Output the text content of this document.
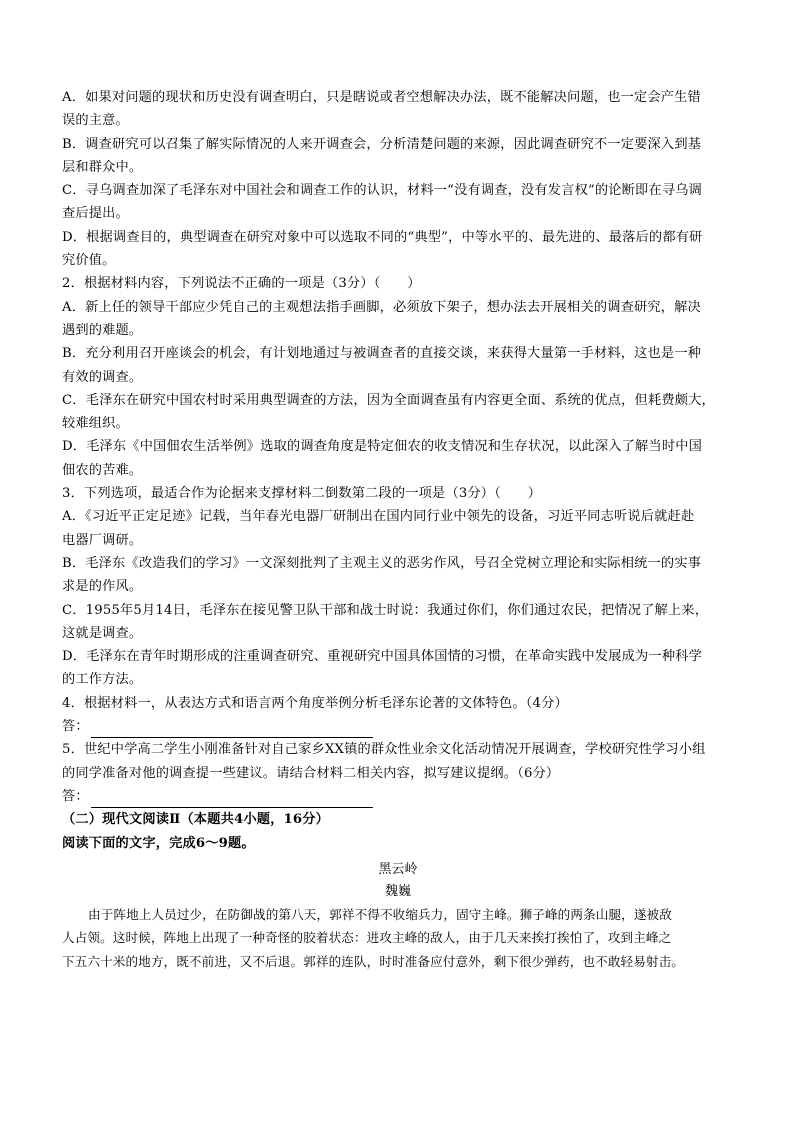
A．如果对问题的现状和历史没有调查明白，只是瞎说或者空想解决办法，既不能解决问题，也一定会产生错
误的主意。
B．调查研究可以召集了解实际情况的人来开调查会，分析清楚问题的来源，因此调查研究不一定要深入到基
层和群众中。
C．寻乌调查加深了毛泽东对中国社会和调查工作的认识，材料一“没有调查，没有发言权”的论断即在寻乌调
查后提出。
D．根据调查目的，典型调查在研究对象中可以选取不同的“典型”，中等水平的、最先进的、最落后的都有研
究价值。
2．根据材料内容，下列说法不正确的一项是（3分）（　　）
A．新上任的领导干部应少凭自己的主观想法指手画脚，必须放下架子，想办法去开展相关的调查研究，解决
遇到的难题。
B．充分利用召开座谈会的机会，有计划地通过与被调查者的直接交谈，来获得大量第一手材料，这也是一种
有效的调查。
C．毛泽东在研究中国农村时采用典型调查的方法，因为全面调查虽有内容更全面、系统的优点，但耗费颇大，
较难组织。
D．毛泽东《中国佃农生活举例》选取的调查角度是特定佃农的收支情况和生存状况，以此深入了解当时中国
佃农的苦难。
3．下列选项，最适合作为论据来支撑材料二倒数第二段的一项是（3分）（　　）
A．《习近平正定足迹》记载，当年春光电器厂研制出在国内同行业中领先的设备，习近平同志听说后就赶赴
电器厂调研。
B．毛泽东《改造我们的学习》一文深刻批判了主观主义的恶劣作风，号召全党树立理论和实际相统一的实事
求是的作风。
C．1955年5月14日，毛泽东在接见警卫队干部和战士时说：我通过你们，你们通过农民，把情况了解上来，
这就是调查。
D．毛泽东在青年时期形成的注重调查研究、重视研究中国具体国情的习惯，在革命实践中发展成为一种科学
的工作方法。
4．根据材料一，从表达方式和语言两个角度举例分析毛泽东论著的文体特色。（4分）
答：
5．世纪中学高二学生小刚准备针对自己家乡XX镇的群众性业余文化活动情况开展调查，学校研究性学习小组
的同学准备对他的调查提一些建议。请结合材料二相关内容，拟写建议提纲。（6分）
答：
（二）现代文阅读Ⅱ（本题共4小题，16分）
阅读下面的文字，完成6～9题。
黑云岭
魏巍
由于阵地上人员过少，在防御战的第八天，郭祥不得不收缩兵力，固守主峰。狮子峰的两条山腿，遂被敌
人占领。这时候，阵地上出现了一种奇怪的胶着状态：进攻主峰的敌人，由于几天来挨打挨怕了，攻到主峰之
下五六十米的地方，既不前进，又不后退。郭祥的连队，时时准备应付意外，剩下很少弹药，也不敢轻易射击。
